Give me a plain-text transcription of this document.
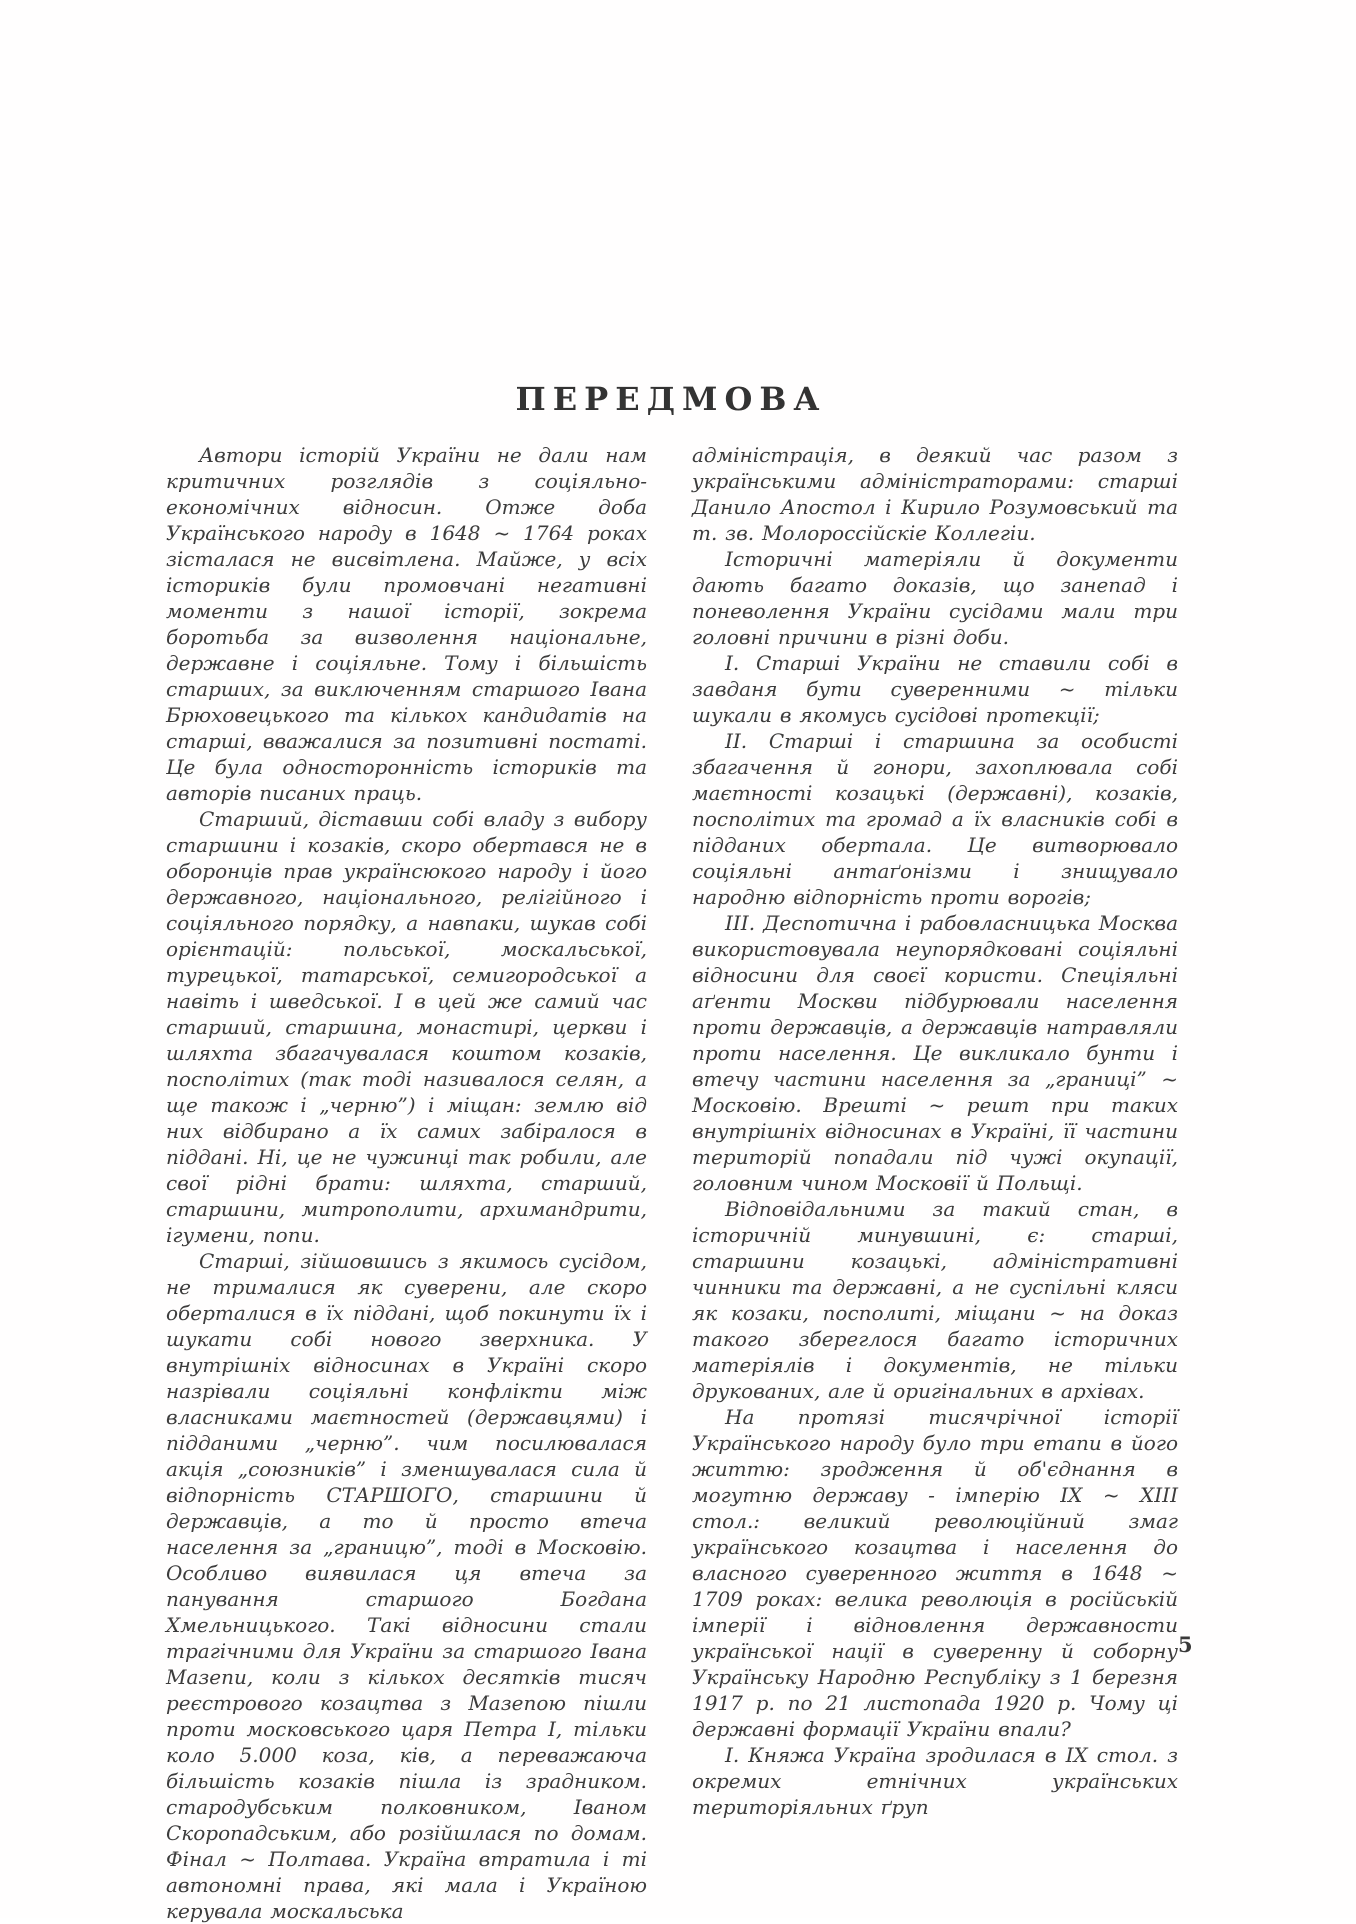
ПЕРЕДМОВА

Автори історій України не дали нам критичних розглядів з соціяльно-економічних відносин. Отже доба Українського народу в 1648 ~ 1764 роках зісталася не висвітлена. Майже, у всіх істориків були промовчані негативні моменти з нашої історії, зокрема боротьба за визволення національне, державне і соціяльне. Тому і більшість старших, за виключенням старшого Івана Брюховецького та кількох кандидатів на старші, вважалися за позитивні постаті. Це була односторонність істориків та авторів писаних праць.

Старший, діставши собі владу з вибору старшини і козаків, скоро обертався не в оборонців прав українсюкого народу і його державного, національного, релігійного і соціяльного порядку, а навпаки, шукав собі орієнтацій: польської, москальської, турецької, татарської, семигородської а навіть і шведської. І в цей же самий час старший, старшина, монастирі, церкви і шляхта збагачувалася коштом козаків, посполітих (так тоді називалося селян, а ще також і „черню”) і міщан: землю від них відбирано а їх самих забіралося в піддані. Ні, це не чужинці так робили, але свої рідні брати: шляхта, старший, старшини, митрополити, архимандрити, ігумени, попи.

Старші, зійшовшись з якимось сусідом, не трималися як суверени, але скоро оберталися в їх піддані, щоб покинути їх і шукати собі нового зверхника. У внутрішніх відносинах в Україні скоро назрівали соціяльні конфлікти між власниками маєтностей (державцями) і підданими „черню”. чим посилювалася акція „союзників” і зменшувалася сила й відпорність СТАРШОГО, старшини й державців, а то й просто втеча населення за „границю”, тоді в Московію. Особливо виявилася ця втеча за панування старшого Богдана Хмельницького. Такі відносини стали трагічними для України за старшого Івана Мазепи, коли з кількох десятків тисяч реєстрового козацтва з Мазепою пішли проти московського царя Петра І, тільки коло 5.000 коза, ків, а переважаюча більшість козаків пішла із зрадником. стародубським полковником, Іваном Скоропадським, або розійшлася по домам. Фінал ~ Полтава. Україна втратила і ті автономні права, які мала і Україною керувала москальська

адміністрація, в деякий час разом з українськими адміністраторами: старші Данило Апостол і Кирило Розумовський та т. зв. Молороссійскіе Коллегіи.

Історичні матеріяли й документи дають багато доказів, що занепад і поневолення України сусідами мали три головні причини в різні доби.

І. Старші України не ставили собі в завданя бути суверенними ~ тільки шукали в якомусь сусідові протекції;

ІІ. Старші і старшина за особисті збагачення й гонори, захоплювала собі маєтності козацькі (державні), козаків, посполітих та громад а їх власників собі в підданих обертала. Це витворювало соціяльні антаґонізми і знищувало народню відпорність проти ворогів;

ІІІ. Деспотична і рабовласницька Москва використовувала неупорядковані соціяльні відносини для своєї користи. Спеціяльні аґенти Москви підбурювали населення проти державців, а державців натравляли проти населення. Це викликало бунти і втечу частини населення за „границі” ~ Московію. Врешті ~ решт при таких внутрішніх відносинах в Україні, її частини територій попадали під чужі окупації, головним чином Московії й Польщі.

Відповідальними за такий стан, в історичній минувшині, є: старші, старшини козацькі, адміністративні чинники та державні, а не суспільні кляси як козаки, посполиті, міщани ~ на доказ такого збереглося багато історичних матеріялів і документів, не тільки друкованих, але й оригінальних в архівах.

На протязі тисячрічної історії Українського народу було три етапи в його життю: зродження й об'єднання в могутню державу - імперію IX ~ XIII стол.: великий революційний змаг українського козацтва і населення до власного суверенного життя в 1648 ~ 1709 роках: велика революція в російській імперії і відновлення державности української нації в суверенну й соборну Українську Народню Республіку з 1 березня 1917 р. по 21 листопада 1920 р. Чому ці державні формації України впали?

І. Княжа Україна зродилася в IX стол. з окремих етнічних українських територіяльних ґруп

5
